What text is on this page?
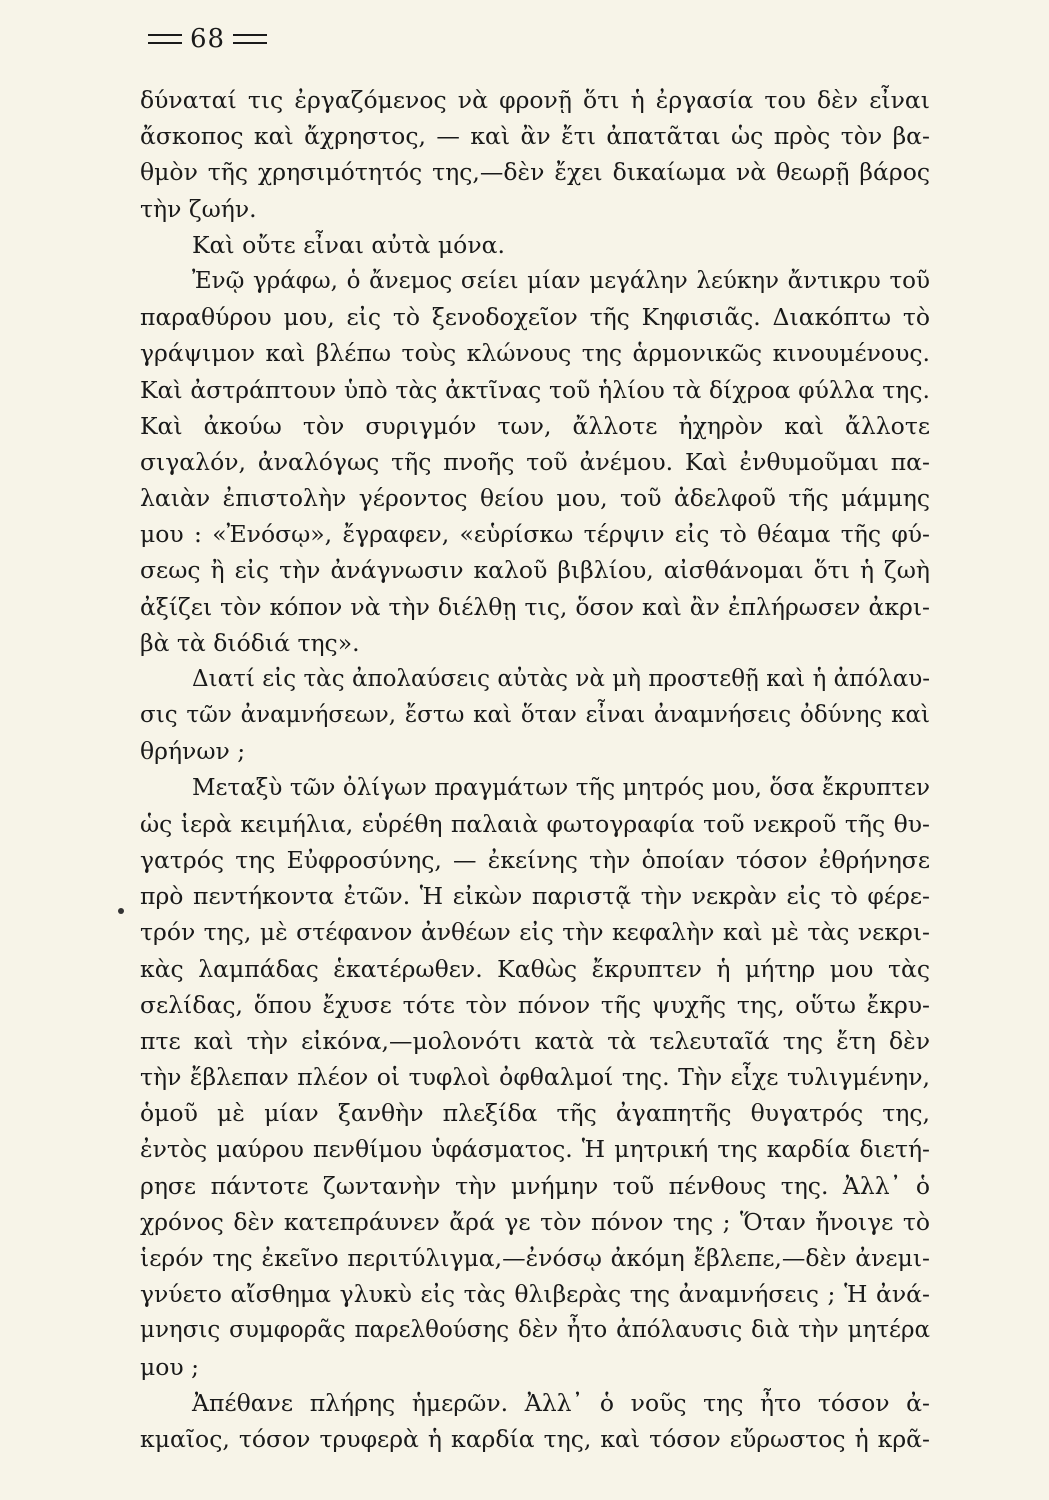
68
δύναταί τις ἐργαζόμενος νὰ φρονῇ ὅτι ἡ ἐργασία του δὲν εἶναι
ἄσκοπος καὶ ἄχρηστος, — καὶ ἂν ἔτι ἀπατᾶται ὡς πρὸς τὸν βα-
θμὸν τῆς χρησιμότητός της,—δὲν ἔχει δικαίωμα νὰ θεωρῇ βάρος
τὴν ζωήν.
Καὶ οὔτε εἶναι αὐτὰ μόνα.
Ἐνῷ γράφω, ὁ ἄνεμος σείει μίαν μεγάλην λεύκην ἄντικρυ τοῦ
παραθύρου μου, εἰς τὸ ξενοδοχεῖον τῆς Κηφισιᾶς. Διακόπτω τὸ
γράψιμον καὶ βλέπω τοὺς κλώνους της ἁρμονικῶς κινουμένους.
Καὶ ἀστράπτουν ὑπὸ τὰς ἀκτῖνας τοῦ ἡλίου τὰ δίχροα φύλλα της.
Καὶ ἀκούω τὸν συριγμόν των, ἄλλοτε ἠχηρὸν καὶ ἄλλοτε
σιγαλόν, ἀναλόγως τῆς πνοῆς τοῦ ἀνέμου. Καὶ ἐνθυμοῦμαι πα-
λαιὰν ἐπιστολὴν γέροντος θείου μου, τοῦ ἀδελφοῦ τῆς μάμμης
μου : «Ἐνόσῳ», ἔγραφεν, «εὑρίσκω τέρψιν εἰς τὸ θέαμα τῆς φύ-
σεως ἢ εἰς τὴν ἀνάγνωσιν καλοῦ βιβλίου, αἰσθάνομαι ὅτι ἡ ζωὴ
ἀξίζει τὸν κόπον νὰ τὴν διέλθῃ τις, ὅσον καὶ ἂν ἐπλήρωσεν ἀκρι-
βὰ τὰ διόδιά της».
Διατί εἰς τὰς ἀπολαύσεις αὐτὰς νὰ μὴ προστεθῇ καὶ ἡ ἀπόλαυ-
σις τῶν ἀναμνήσεων, ἔστω καὶ ὅταν εἶναι ἀναμνήσεις ὀδύνης καὶ
θρήνων ;
Μεταξὺ τῶν ὀλίγων πραγμάτων τῆς μητρός μου, ὅσα ἔκρυπτεν
ὡς ἱερὰ κειμήλια, εὑρέθη παλαιὰ φωτογραφία τοῦ νεκροῦ τῆς θυ-
γατρός της Εὐφροσύνης, — ἐκείνης τὴν ὁποίαν τόσον ἐθρήνησε
πρὸ πεντήκοντα ἐτῶν. Ἡ εἰκὼν παριστᾷ τὴν νεκρὰν εἰς τὸ φέρε-
τρόν της, μὲ στέφανον ἀνθέων εἰς τὴν κεφαλὴν καὶ μὲ τὰς νεκρι-
κὰς λαμπάδας ἑκατέρωθεν. Καθὼς ἔκρυπτεν ἡ μήτηρ μου τὰς
σελίδας, ὅπου ἔχυσε τότε τὸν πόνον τῆς ψυχῆς της, οὕτω ἔκρυ-
πτε καὶ τὴν εἰκόνα,—μολονότι κατὰ τὰ τελευταῖά της ἔτη δὲν
τὴν ἔβλεπαν πλέον οἱ τυφλοὶ ὀφθαλμοί της. Τὴν εἶχε τυλιγμένην,
ὁμοῦ μὲ μίαν ξανθὴν πλεξίδα τῆς ἀγαπητῆς θυγατρός της,
ἐντὸς μαύρου πενθίμου ὑφάσματος. Ἡ μητρική της καρδία διετή-
ρησε πάντοτε ζωντανὴν τὴν μνήμην τοῦ πένθους της. Ἀλλ᾽ ὁ
χρόνος δὲν κατεπράυνεν ἄρά γε τὸν πόνον της ; Ὅταν ἤνοιγε τὸ
ἱερόν της ἐκεῖνο περιτύλιγμα,—ἐνόσῳ ἀκόμη ἔβλεπε,—δὲν ἀνεμι-
γνύετο αἴσθημα γλυκὺ εἰς τὰς θλιβερὰς της ἀναμνήσεις ; Ἡ ἀνά-
μνησις συμφορᾶς παρελθούσης δὲν ἦτο ἀπόλαυσις διὰ τὴν μητέρα
μου ;
Ἀπέθανε πλήρης ἡμερῶν. Ἀλλ᾽ ὁ νοῦς της ἦτο τόσον ἀ-
κμαῖος, τόσον τρυφερὰ ἡ καρδία της, καὶ τόσον εὔρωστος ἡ κρᾶ-
